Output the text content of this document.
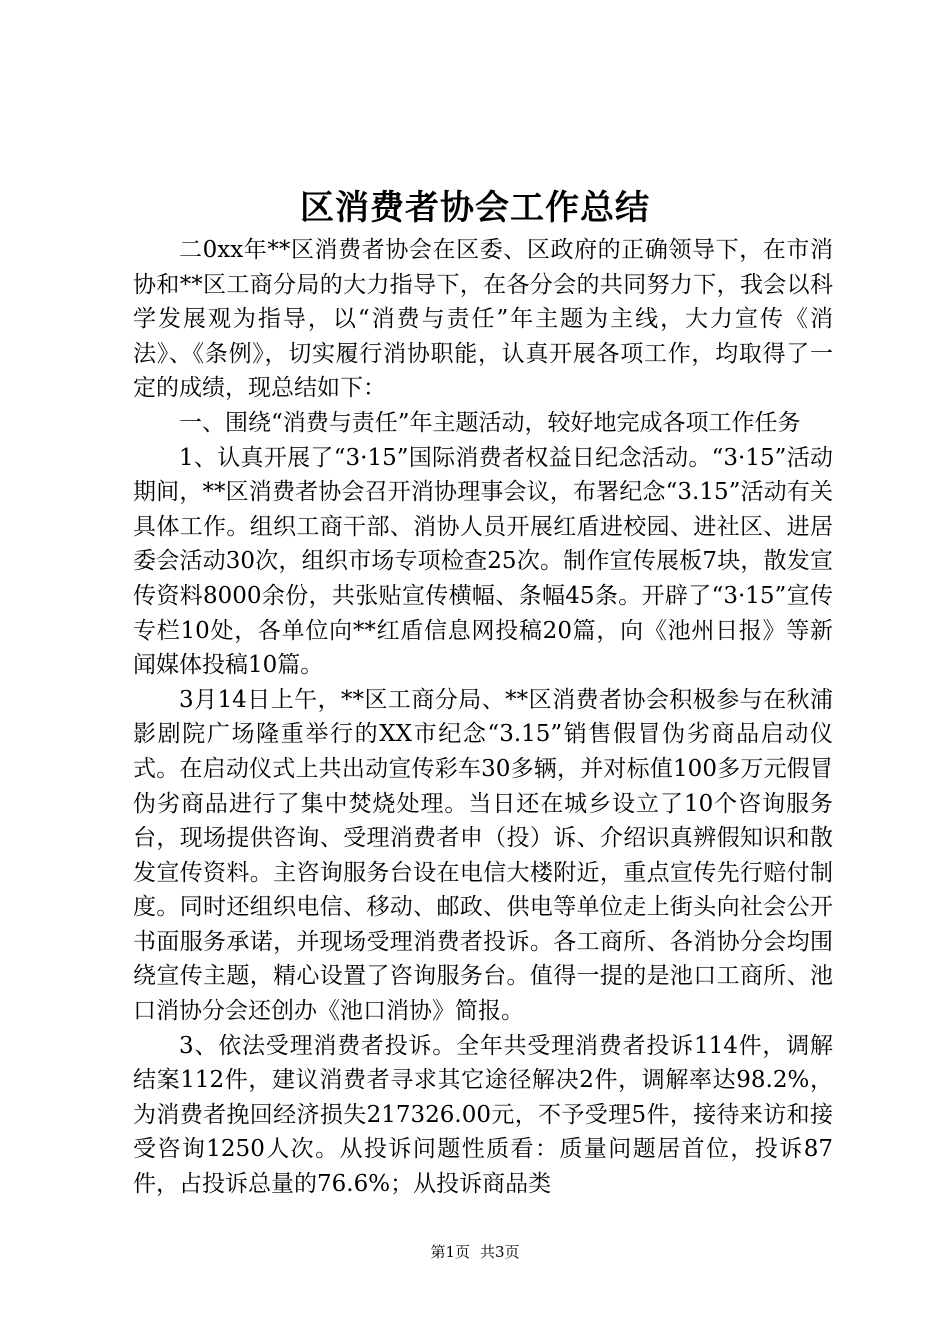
区消费者协会工作总结

二0xx年**区消费者协会在区委、区政府的正确领导下，在市消协和**区工商分局的大力指导下，在各分会的共同努力下，我会以科学发展观为指导，以“消费与责任”年主题为主线，大力宣传《消法》、《条例》，切实履行消协职能，认真开展各项工作，均取得了一定的成绩，现总结如下：

一、围绕“消费与责任”年主题活动，较好地完成各项工作任务

1、认真开展了“3·15”国际消费者权益日纪念活动。“3·15”活动期间，**区消费者协会召开消协理事会议，布署纪念“3.15”活动有关具体工作。组织工商干部、消协人员开展红盾进校园、进社区、进居委会活动30次，组织市场专项检查25次。制作宣传展板7块，散发宣传资料8000余份，共张贴宣传横幅、条幅45条。开辟了“3·15”宣传专栏10处，各单位向**红盾信息网投稿20篇，向《池州日报》等新闻媒体投稿10篇。

3月14日上午，**区工商分局、**区消费者协会积极参与在秋浦影剧院广场隆重举行的XX市纪念“3.15”销售假冒伪劣商品启动仪式。在启动仪式上共出动宣传彩车30多辆，并对标值100多万元假冒伪劣商品进行了集中焚烧处理。当日还在城乡设立了10个咨询服务台，现场提供咨询、受理消费者申（投）诉、介绍识真辨假知识和散发宣传资料。主咨询服务台设在电信大楼附近，重点宣传先行赔付制度。同时还组织电信、移动、邮政、供电等单位走上街头向社会公开书面服务承诺，并现场受理消费者投诉。各工商所、各消协分会均围绕宣传主题，精心设置了咨询服务台。值得一提的是池口工商所、池口消协分会还创办《池口消协》简报。

3、依法受理消费者投诉。全年共受理消费者投诉114件，调解结案112件，建议消费者寻求其它途径解决2件，调解率达98.2%，为消费者挽回经济损失217326.00元，不予受理5件，接待来访和接受咨询1250人次。从投诉问题性质看：质量问题居首位，投诉87件，占投诉总量的76.6%；从投诉商品类

第1页 共3页
